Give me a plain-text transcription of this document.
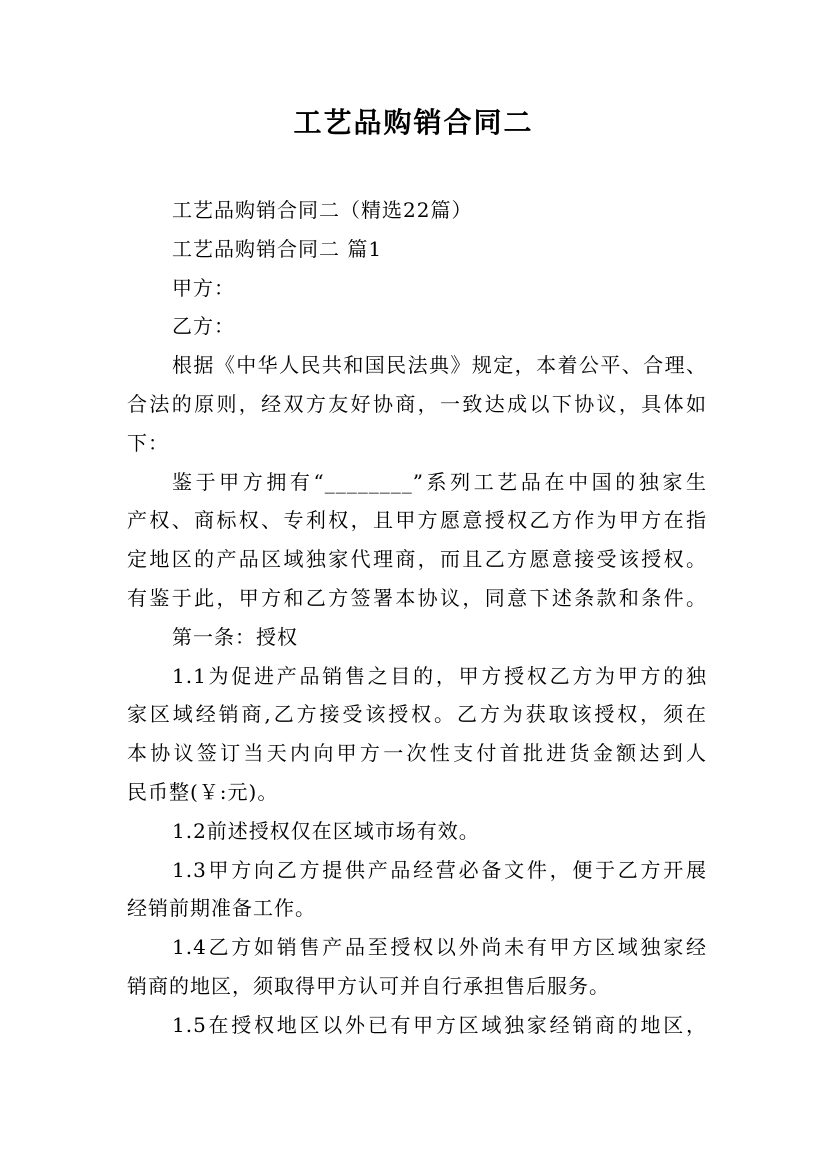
工艺品购销合同二

工艺品购销合同二（精选22篇）

工艺品购销合同二 篇1

甲方：

乙方：

根据《中华人民共和国民法典》规定，本着公平、合理、
合法的原则，经双方友好协商，一致达成以下协议，具体如
下：

鉴于甲方拥有“________”系列工艺品在中国的独家生
产权、商标权、专利权，且甲方愿意授权乙方作为甲方在指
定地区的产品区域独家代理商，而且乙方愿意接受该授权。
有鉴于此，甲方和乙方签署本协议，同意下述条款和条件。

第一条：授权

1.1为促进产品销售之目的，甲方授权乙方为甲方的独
家区域经销商,乙方接受该授权。乙方为获取该授权，须在
本协议签订当天内向甲方一次性支付首批进货金额达到人
民币整(￥:元)。

1.2前述授权仅在区域市场有效。

1.3甲方向乙方提供产品经营必备文件，便于乙方开展
经销前期准备工作。

1.4乙方如销售产品至授权以外尚未有甲方区域独家经
销商的地区，须取得甲方认可并自行承担售后服务。

1.5在授权地区以外已有甲方区域独家经销商的地区，
